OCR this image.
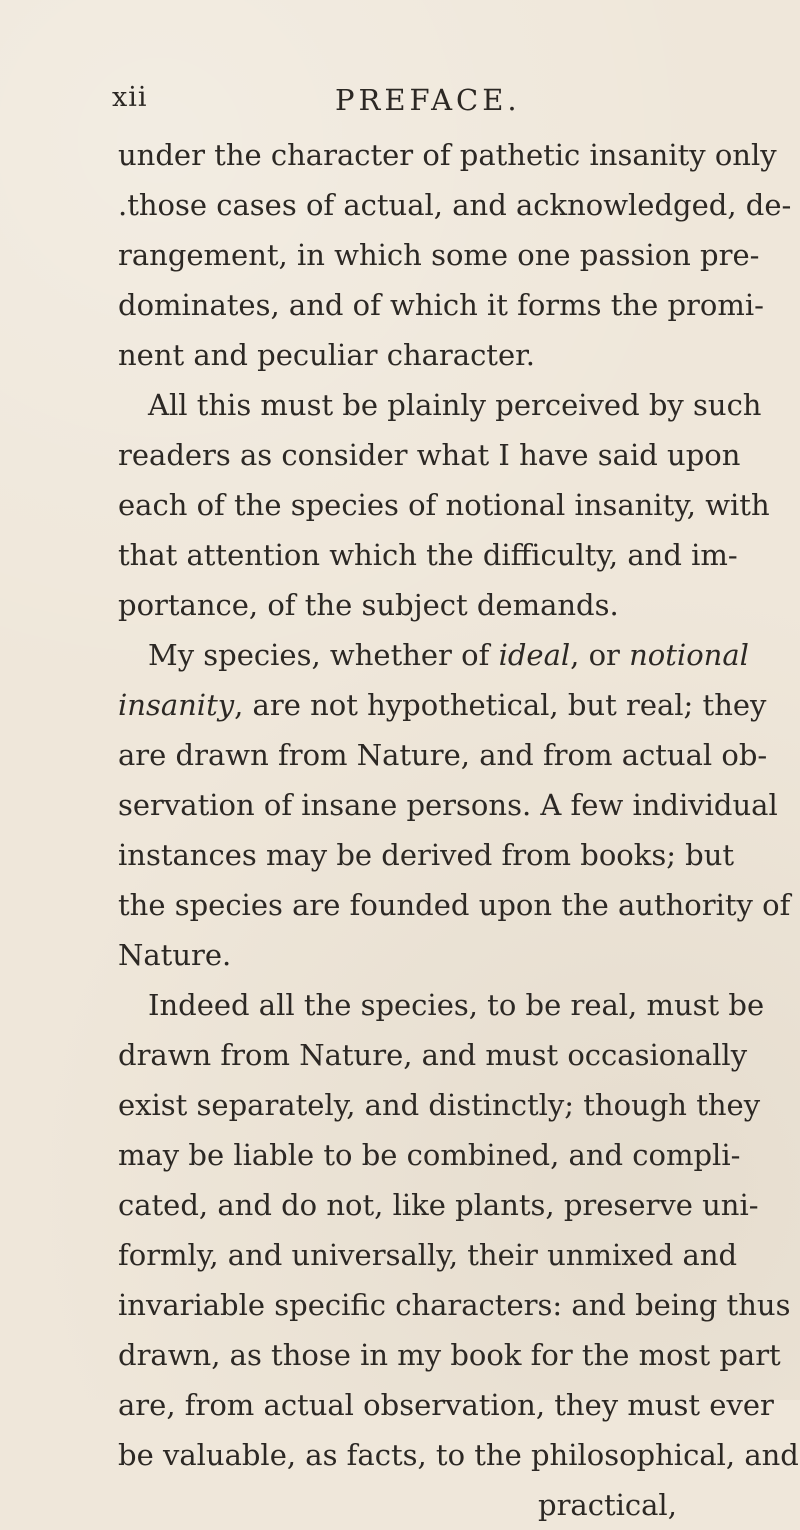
xii	PREFACE.
under the character of pathetic insanity only
.those cases of actual, and acknowledged, de-
rangement, in which some one passion pre-
dominates, and of which it forms the promi-
nent and peculiar character.
All this must be plainly perceived by such
readers as consider what I have said upon
each of the species of notional insanity, with
that attention which the difficulty, and im-
portance, of the subject demands.
My species, whether of ideal, or notional
insanity, are not hypothetical, but real; they
are drawn from Nature, and from actual ob-
servation of insane persons. A few individual
instances may be derived from books; but
the species are founded upon the authority of
Nature.
Indeed all the species, to be real, must be
drawn from Nature, and must occasionally
exist separately, and distinctly; though they
may be liable to be combined, and compli-
cated, and do not, like plants, preserve uni-
formly, and universally, their unmixed and
invariable specific characters: and being thus
drawn, as those in my book for the most part
are, from actual observation, they must ever
be valuable, as facts, to the philosophical, and
practical,
